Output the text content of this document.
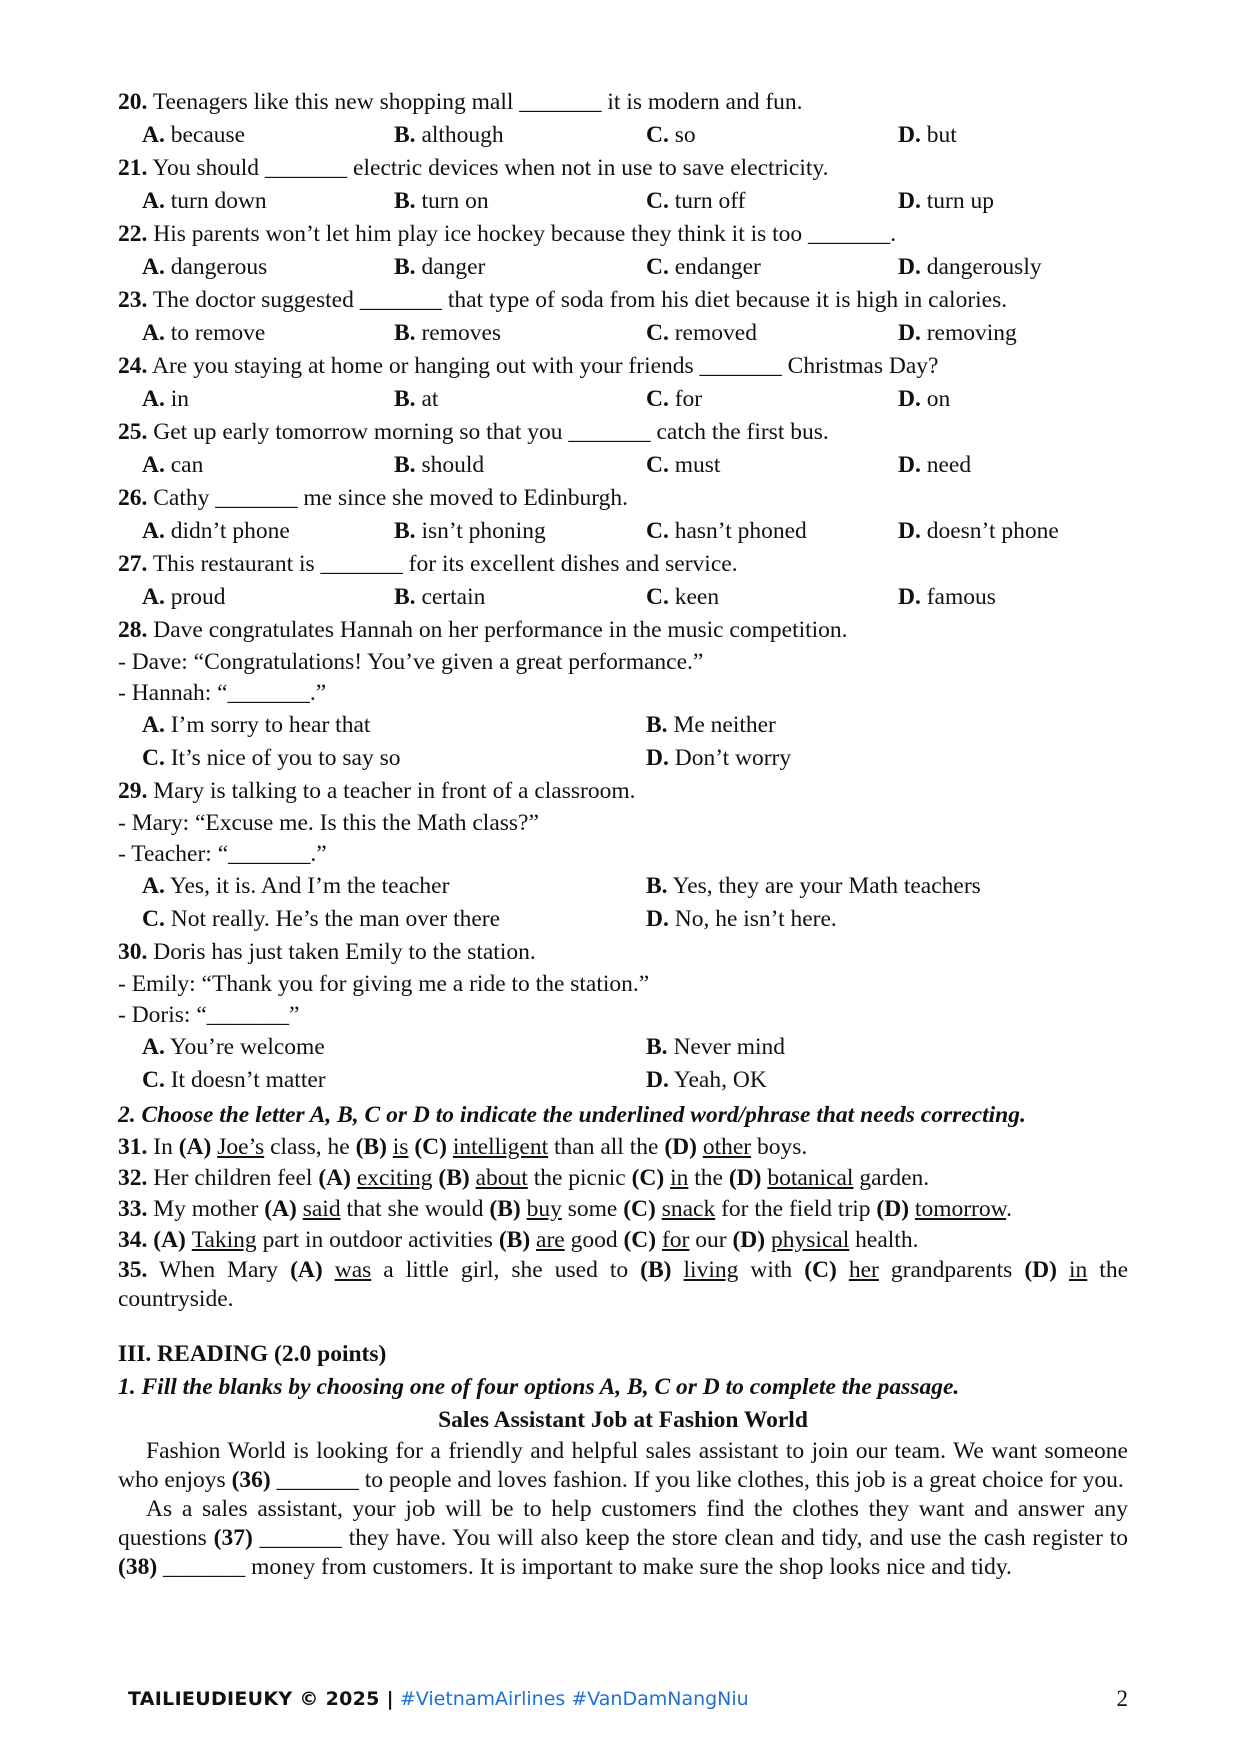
20. Teenagers like this new shopping mall _______ it is modern and fun.
A. because	B. although	C. so	D. but
21. You should _______ electric devices when not in use to save electricity.
A. turn down	B. turn on	C. turn off	D. turn up
22. His parents won’t let him play ice hockey because they think it is too _______.
A. dangerous	B. danger	C. endanger	D. dangerously
23. The doctor suggested _______ that type of soda from his diet because it is high in calories.
A. to remove	B. removes	C. removed	D. removing
24. Are you staying at home or hanging out with your friends _______ Christmas Day?
A. in	B. at	C. for	D. on
25. Get up early tomorrow morning so that you _______ catch the first bus.
A. can	B. should	C. must	D. need
26. Cathy _______ me since she moved to Edinburgh.
A. didn’t phone	B. isn’t phoning	C. hasn’t phoned	D. doesn’t phone
27. This restaurant is _______ for its excellent dishes and service.
A. proud	B. certain	C. keen	D. famous
28. Dave congratulates Hannah on her performance in the music competition.
- Dave: “Congratulations! You’ve given a great performance.”
- Hannah: “_______.”
A. I’m sorry to hear that	B. Me neither
C. It’s nice of you to say so	D. Don’t worry
29. Mary is talking to a teacher in front of a classroom.
- Mary: “Excuse me. Is this the Math class?”
- Teacher: “_______.”
A. Yes, it is. And I’m the teacher	B. Yes, they are your Math teachers
C. Not really. He’s the man over there	D. No, he isn’t here.
30. Doris has just taken Emily to the station.
- Emily: “Thank you for giving me a ride to the station.”
- Doris: “_______”
A. You’re welcome	B. Never mind
C. It doesn’t matter	D. Yeah, OK
2. Choose the letter A, B, C or D to indicate the underlined word/phrase that needs correcting.
31. In (A) Joe’s class, he (B) is (C) intelligent than all the (D) other boys.
32. Her children feel (A) exciting (B) about the picnic (C) in the (D) botanical garden.
33. My mother (A) said that she would (B) buy some (C) snack for the field trip (D) tomorrow.
34. (A) Taking part in outdoor activities (B) are good (C) for our (D) physical health.
35. When Mary (A) was a little girl, she used to (B) living with (C) her grandparents (D) in the countryside.
III. READING (2.0 points)
1. Fill the blanks by choosing one of four options A, B, C or D to complete the passage.
Sales Assistant Job at Fashion World

Fashion World is looking for a friendly and helpful sales assistant to join our team. We want someone who enjoys (36) _______ to people and loves fashion. If you like clothes, this job is a great choice for you.

As a sales assistant, your job will be to help customers find the clothes they want and answer any questions (37) _______ they have. You will also keep the store clean and tidy, and use the cash register to (38) _______ money from customers. It is important to make sure the shop looks nice and tidy.

TAILIEUDIEUKY © 2025 | #VietnamAirlines #VanDamNangNiu	2
